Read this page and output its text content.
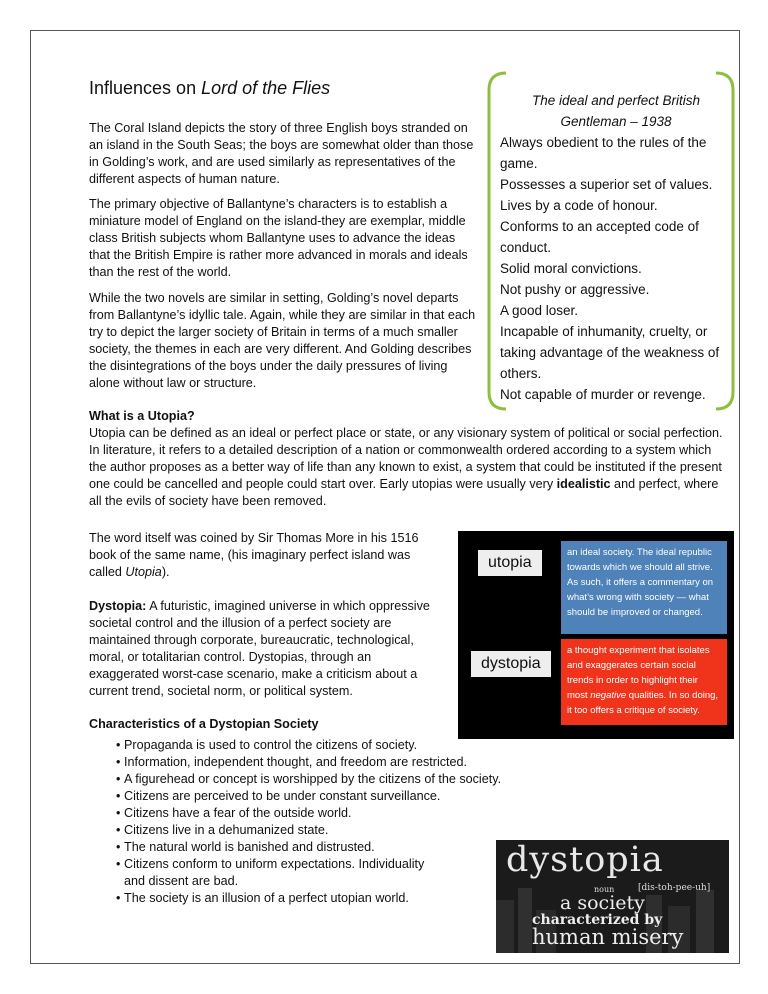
Influences on Lord of the Flies
The Coral Island depicts the story of three English boys stranded on an island in the South Seas; the boys are somewhat older than those in Golding’s work, and are used similarly as representatives of the different aspects of human nature.
The primary objective of Ballantyne’s characters is to establish a miniature model of England on the island-they are exemplar, middle class British subjects whom Ballantyne uses to advance the ideas that the British Empire is rather more advanced in morals and ideals than the rest of the world.
While the two novels are similar in setting, Golding’s novel departs from Ballantyne’s idyllic tale. Again, while they are similar in that each try to depict the larger society of Britain in terms of a much smaller society, the themes in each are very different. And Golding describes the disintegrations of the boys under the daily pressures of living alone without law or structure.
The ideal and perfect British
Gentleman – 1938
Always obedient to the rules of the game.
Possesses a superior set of values.
Lives by a code of honour.
Conforms to an accepted code of conduct.
Solid moral convictions.
Not pushy or aggressive.
A good loser.
Incapable of inhumanity, cruelty, or taking advantage of the weakness of others.
Not capable of murder or revenge.
What is a Utopia?
Utopia can be defined as an ideal or perfect place or state, or any visionary system of political or social perfection. In literature, it refers to a detailed description of a nation or commonwealth ordered according to a system which the author proposes as a better way of life than any known to exist, a system that could be instituted if the present one could be cancelled and people could start over. Early utopias were usually very idealistic and perfect, where all the evils of society have been removed.
The word itself was coined by Sir Thomas More in his 1516 book of the same name, (his imaginary perfect island was called Utopia).
Dystopia: A futuristic, imagined universe in which oppressive societal control and the illusion of a perfect society are maintained through corporate, bureaucratic, technological, moral, or totalitarian control. Dystopias, through an exaggerated worst-case scenario, make a criticism about a current trend, societal norm, or political system.
utopia
an ideal society. The ideal republic towards which we should all strive. As such, it offers a commentary on what’s wrong with society — what should be improved or changed.
dystopia
a thought experiment that isolates and exaggerates certain social trends in order to highlight their most negative qualities. In so doing, it too offers a critique of society.
Characteristics of a Dystopian Society
• Propaganda is used to control the citizens of society.
• Information, independent thought, and freedom are restricted.
• A figurehead or concept is worshipped by the citizens of the society.
• Citizens are perceived to be under constant surveillance.
• Citizens have a fear of the outside world.
• Citizens live in a dehumanized state.
• The natural world is banished and distrusted.
• Citizens conform to uniform expectations. Individuality and dissent are bad.
• The society is an illusion of a perfect utopian world.
dystopia
noun	[dis-toh-pee-uh]
a society
characterized by
human misery
